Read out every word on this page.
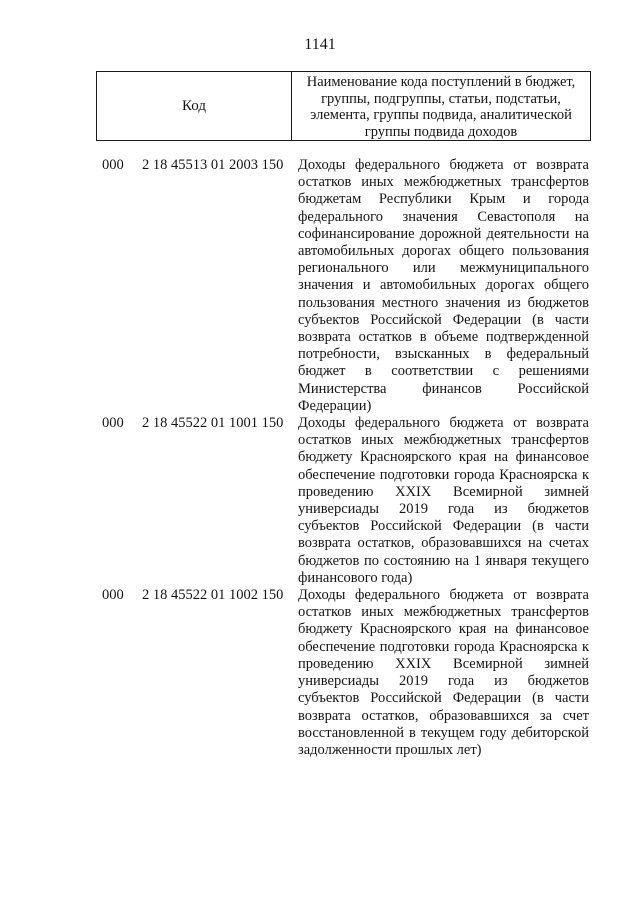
1141
Код
Наименование кода поступлений в бюджет, группы, подгруппы, статьи, подстатьи, элемента, группы подвида, аналитической группы подвида доходов
000 2 18 45513 01 2003 150 Доходы федерального бюджета от возврата
остатков иных межбюджетных трансфертов
бюджетам Республики Крым и города
федерального значения Севастополя на
софинансирование дорожной деятельности на
автомобильных дорогах общего пользования
регионального или межмуниципального
значения и автомобильных дорогах общего
пользования местного значения из бюджетов
субъектов Российской Федерации (в части
возврата остатков в объеме подтвержденной
потребности, взысканных в федеральный
бюджет в соответствии с решениями
Министерства финансов Российской
Федерации)
000 2 18 45522 01 1001 150 Доходы федерального бюджета от возврата
остатков иных межбюджетных трансфертов
бюджету Красноярского края на финансовое
обеспечение подготовки города Красноярска к
проведению XXIX Всемирной зимней
универсиады 2019 года из бюджетов
субъектов Российской Федерации (в части
возврата остатков, образовавшихся на счетах
бюджетов по состоянию на 1 января текущего
финансового года)
000 2 18 45522 01 1002 150 Доходы федерального бюджета от возврата
остатков иных межбюджетных трансфертов
бюджету Красноярского края на финансовое
обеспечение подготовки города Красноярска к
проведению XXIX Всемирной зимней
универсиады 2019 года из бюджетов
субъектов Российской Федерации (в части
возврата остатков, образовавшихся за счет
восстановленной в текущем году дебиторской
задолженности прошлых лет)
